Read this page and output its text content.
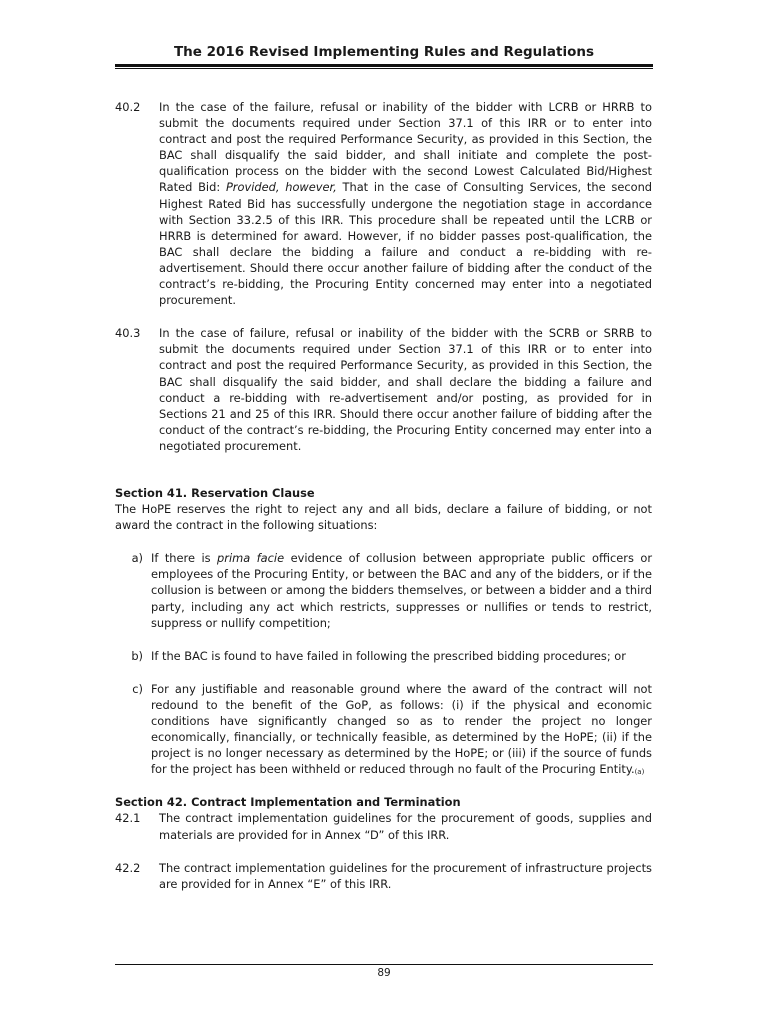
The 2016 Revised Implementing Rules and Regulations
40.2	In the case of the failure, refusal or inability of the bidder with LCRB or HRRB to submit the documents required under Section 37.1 of this IRR or to enter into contract and post the required Performance Security, as provided in this Section, the BAC shall disqualify the said bidder, and shall initiate and complete the post-qualification process on the bidder with the second Lowest Calculated Bid/Highest Rated Bid: Provided, however, That in the case of Consulting Services, the second Highest Rated Bid has successfully undergone the negotiation stage in accordance with Section 33.2.5 of this IRR. This procedure shall be repeated until the LCRB or HRRB is determined for award. However, if no bidder passes post-qualification, the BAC shall declare the bidding a failure and conduct a re-bidding with re-advertisement. Should there occur another failure of bidding after the conduct of the contract’s re-bidding, the Procuring Entity concerned may enter into a negotiated procurement.

40.3	In the case of failure, refusal or inability of the bidder with the SCRB or SRRB to submit the documents required under Section 37.1 of this IRR or to enter into contract and post the required Performance Security, as provided in this Section, the BAC shall disqualify the said bidder, and shall declare the bidding a failure and conduct a re-bidding with re-advertisement and/or posting, as provided for in Sections 21 and 25 of this IRR. Should there occur another failure of bidding after the conduct of the contract’s re-bidding, the Procuring Entity concerned may enter into a negotiated procurement.

Section 41. Reservation Clause

The HoPE reserves the right to reject any and all bids, declare a failure of bidding, or not award the contract in the following situations:

a) If there is prima facie evidence of collusion between appropriate public officers or employees of the Procuring Entity, or between the BAC and any of the bidders, or if the collusion is between or among the bidders themselves, or between a bidder and a third party, including any act which restricts, suppresses or nullifies or tends to restrict, suppress or nullify competition;

b) If the BAC is found to have failed in following the prescribed bidding procedures; or

c) For any justifiable and reasonable ground where the award of the contract will not redound to the benefit of the GoP, as follows: (i) if the physical and economic conditions have significantly changed so as to render the project no longer economically, financially, or technically feasible, as determined by the HoPE; (ii) if the project is no longer necessary as determined by the HoPE; or (iii) if the source of funds for the project has been withheld or reduced through no fault of the Procuring Entity.(a)

Section 42. Contract Implementation and Termination

42.1	The contract implementation guidelines for the procurement of goods, supplies and materials are provided for in Annex “D” of this IRR.

42.2	The contract implementation guidelines for the procurement of infrastructure projects are provided for in Annex “E” of this IRR.

89
